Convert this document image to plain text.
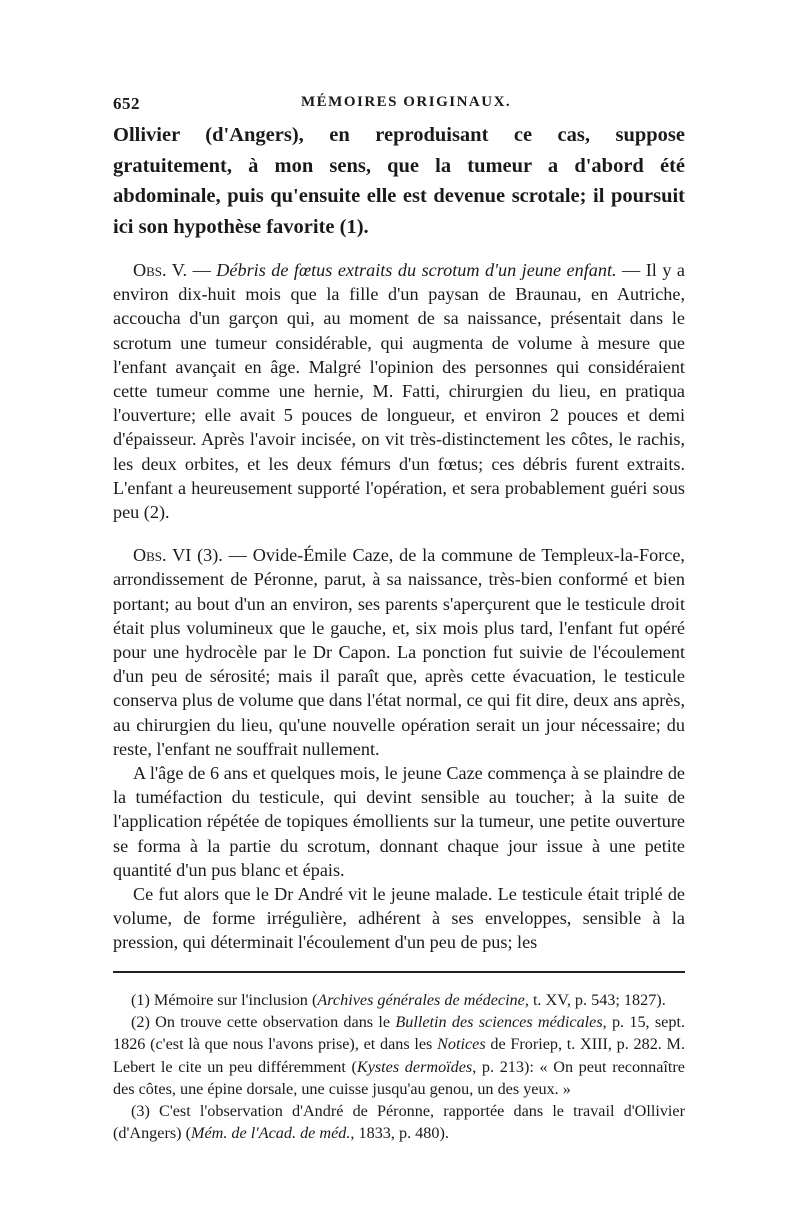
652	MÉMOIRES ORIGINAUX.

Ollivier (d'Angers), en reproduisant ce cas, suppose gratuitement, à mon sens, que la tumeur a d'abord été abdominale, puis qu'ensuite elle est devenue scrotale; il poursuit ici son hypothèse favorite (1).

Obs. V. — Débris de fœtus extraits du scrotum d'un jeune enfant. — Il y a environ dix-huit mois que la fille d'un paysan de Braunau, en Autriche, accoucha d'un garçon qui, au moment de sa naissance, présentait dans le scrotum une tumeur considérable, qui augmenta de volume à mesure que l'enfant avançait en âge. Malgré l'opinion des personnes qui considéraient cette tumeur comme une hernie, M. Fatti, chirurgien du lieu, en pratiqua l'ouverture; elle avait 5 pouces de longueur, et environ 2 pouces et demi d'épaisseur. Après l'avoir incisée, on vit très-distinctement les côtes, le rachis, les deux orbites, et les deux fémurs d'un fœtus; ces débris furent extraits. L'enfant a heureusement supporté l'opération, et sera probablement guéri sous peu (2).

Obs. VI (3). — Ovide-Émile Caze, de la commune de Templeux-la-Force, arrondissement de Péronne, parut, à sa naissance, très-bien conformé et bien portant; au bout d'un an environ, ses parents s'aperçurent que le testicule droit était plus volumineux que le gauche, et, six mois plus tard, l'enfant fut opéré pour une hydrocèle par le Dr Capon. La ponction fut suivie de l'écoulement d'un peu de sérosité; mais il paraît que, après cette évacuation, le testicule conserva plus de volume que dans l'état normal, ce qui fit dire, deux ans après, au chirurgien du lieu, qu'une nouvelle opération serait un jour nécessaire; du reste, l'enfant ne souffrait nullement.

A l'âge de 6 ans et quelques mois, le jeune Caze commença à se plaindre de la tuméfaction du testicule, qui devint sensible au toucher; à la suite de l'application répétée de topiques émollients sur la tumeur, une petite ouverture se forma à la partie du scrotum, donnant chaque jour issue à une petite quantité d'un pus blanc et épais.

Ce fut alors que le Dr André vit le jeune malade. Le testicule était triplé de volume, de forme irrégulière, adhérent à ses enveloppes, sensible à la pression, qui déterminait l'écoulement d'un peu de pus; les

(1) Mémoire sur l'inclusion (Archives générales de médecine, t. XV, p. 543; 1827).

(2) On trouve cette observation dans le Bulletin des sciences médicales, p. 15, sept. 1826 (c'est là que nous l'avons prise), et dans les Notices de Froriep, t. XIII, p. 282. M. Lebert le cite un peu différemment (Kystes dermoïdes, p. 213): « On peut reconnaître des côtes, une épine dorsale, une cuisse jusqu'au genou, un des yeux. »

(3) C'est l'observation d'André de Péronne, rapportée dans le travail d'Ollivier (d'Angers) (Mém. de l'Acad. de méd., 1833, p. 480).
